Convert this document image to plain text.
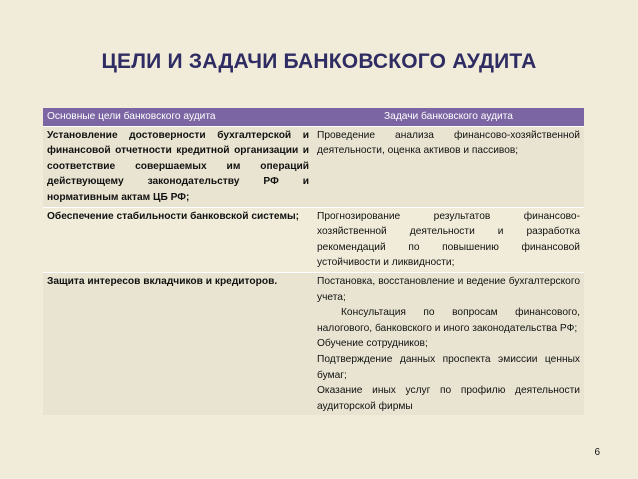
ЦЕЛИ И ЗАДАЧИ БАНКОВСКОГО АУДИТА
Основные цели банковского аудита	Задачи банковского аудита

Установление достоверности бухгалтерской и финансовой отчетности кредитной организации и соответствие совершаемых им операций действующему законодательству РФ и нормативным актам ЦБ РФ;	Проведение анализа финансово-хозяйственной деятельности, оценка активов и пассивов;

Обеспечение стабильности банковской системы;	Прогнозирование результатов финансово-хозяйственной деятельности и разработка рекомендаций по повышению финансовой устойчивости и ликвидности;

Защита интересов вкладчиков и кредиторов.	Постановка, восстановление и ведение бухгалтерского учета;
Консультация по вопросам финансового, налогового, банковского и иного законодательства РФ;
Обучение сотрудников;
Подтверждение данных проспекта эмиссии ценных бумаг;
Оказание иных услуг по профилю деятельности аудиторской фирмы
6
